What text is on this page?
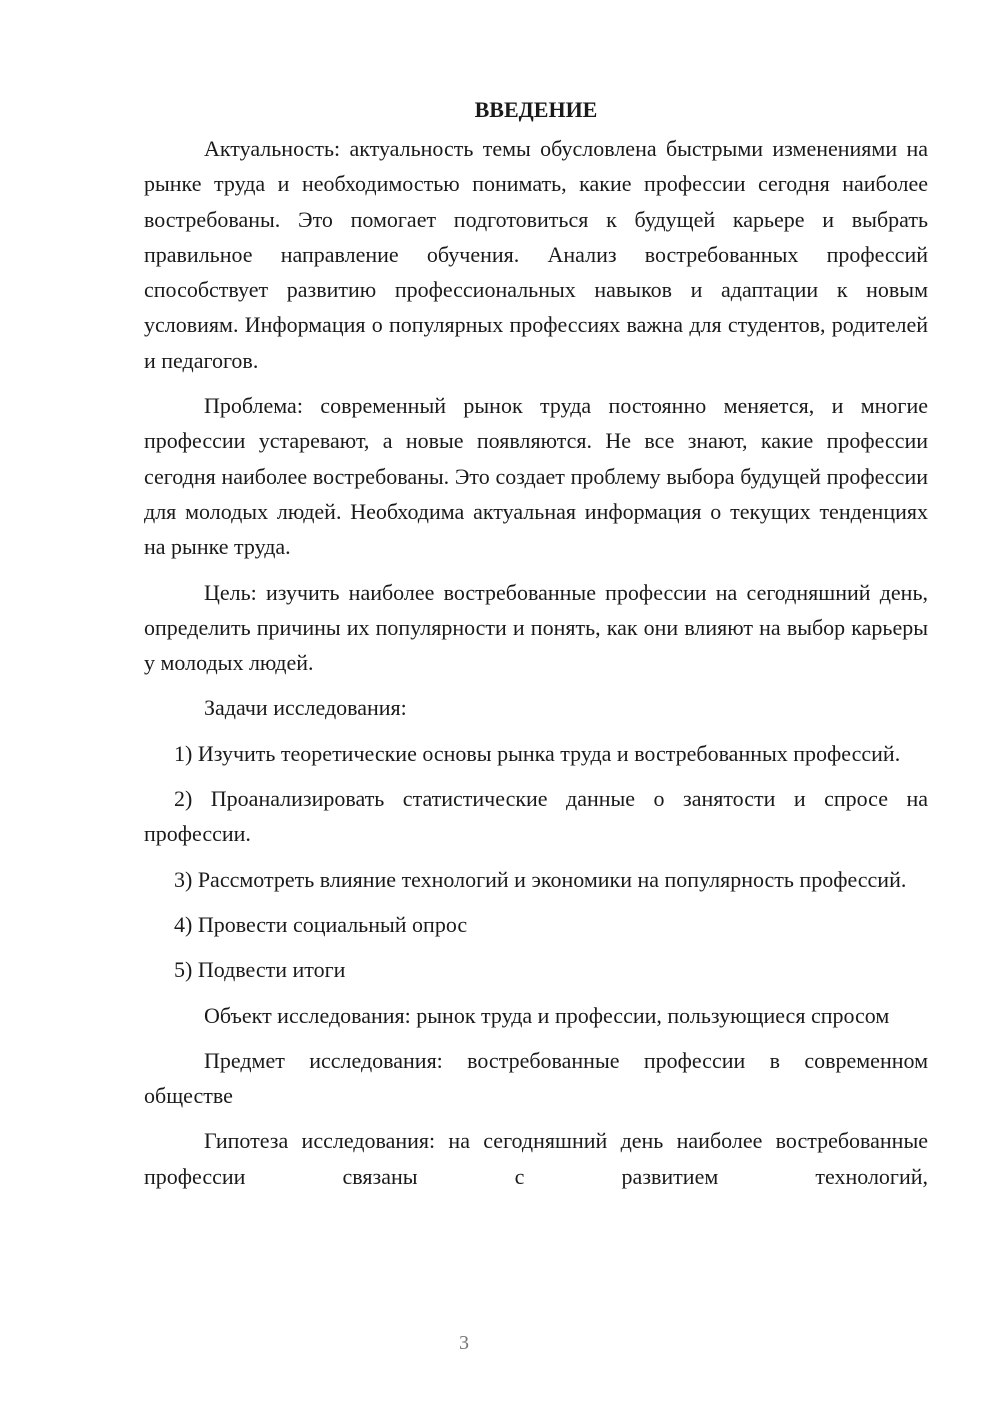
ВВЕДЕНИЕ

Актуальность: актуальность темы обусловлена быстрыми изменениями на рынке труда и необходимостью понимать, какие профессии сегодня наиболее востребованы. Это помогает подготовиться к будущей карьере и выбрать правильное направление обучения. Анализ востребованных профессий способствует развитию профессиональных навыков и адаптации к новым условиям. Информация о популярных профессиях важна для студентов, родителей и педагогов.

Проблема: современный рынок труда постоянно меняется, и многие профессии устаревают, а новые появляются. Не все знают, какие профессии сегодня наиболее востребованы. Это создает проблему выбора будущей профессии для молодых людей. Необходима актуальная информация о текущих тенденциях на рынке труда.

Цель: изучить наиболее востребованные профессии на сегодняшний день, определить причины их популярности и понять, как они влияют на выбор карьеры у молодых людей.

Задачи исследования:

1) Изучить теоретические основы рынка труда и востребованных профессий.

2) Проанализировать статистические данные о занятости и спросе на профессии.

3) Рассмотреть влияние технологий и экономики на популярность профессий.

4) Провести социальный опрос

5) Подвести итоги

Объект исследования: рынок труда и профессии, пользующиеся спросом

Предмет исследования: востребованные профессии в современном обществе

Гипотеза исследования: на сегодняшний день наиболее востребованные профессии связаны с развитием технологий,

3
